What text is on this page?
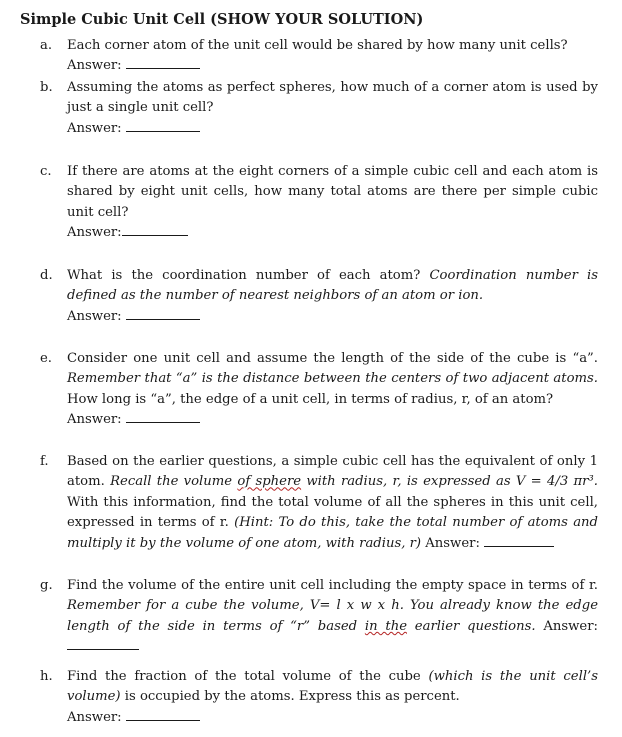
Simple Cubic Unit Cell (SHOW YOUR SOLUTION)
a. Each corner atom of the unit cell would be shared by how many unit cells?
Answer:
b. Assuming the atoms as perfect spheres, how much of a corner atom is used by just a single unit cell?
Answer:
c. If there are atoms at the eight corners of a simple cubic cell and each atom is shared by eight unit cells, how many total atoms are there per simple cubic unit cell?
Answer:
d. What is the coordination number of each atom? Coordination number is defined as the number of nearest neighbors of an atom or ion.
Answer:
e. Consider one unit cell and assume the length of the side of the cube is “a”. Remember that “a” is the distance between the centers of two adjacent atoms. How long is “a”, the edge of a unit cell, in terms of radius, r, of an atom?
Answer:
f. Based on the earlier questions, a simple cubic cell has the equivalent of only 1 atom. Recall the volume of sphere with radius, r, is expressed as V = 4/3 πr³. With this information, find the total volume of all the spheres in this unit cell, expressed in terms of r. (Hint: To do this, take the total number of atoms and multiply it by the volume of one atom, with radius, r) Answer:
g. Find the volume of the entire unit cell including the empty space in terms of r. Remember for a cube the volume, V= l x w x h. You already know the edge length of the side in terms of “r” based in the earlier questions. Answer:
h. Find the fraction of the total volume of the cube (which is the unit cell’s volume) is occupied by the atoms. Express this as percent.
Answer:
